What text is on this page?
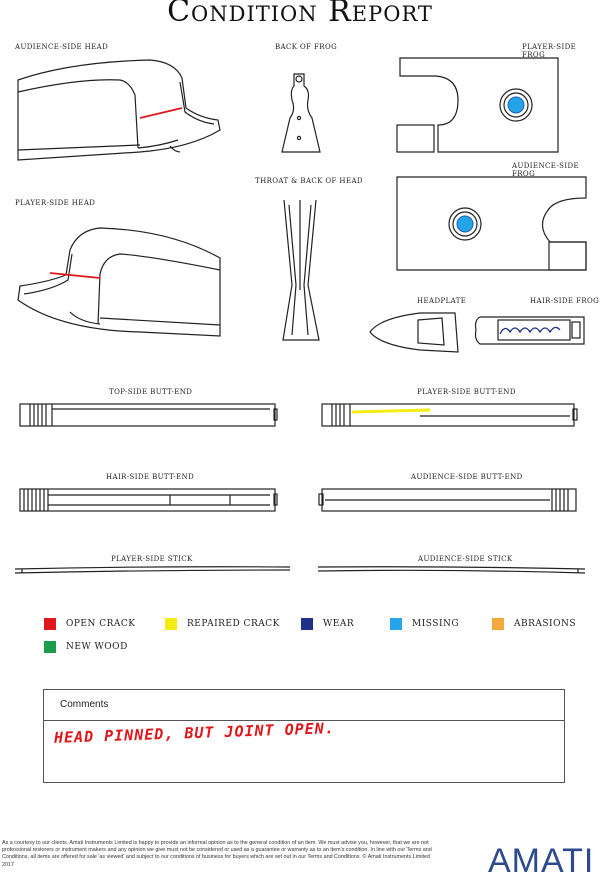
Condition Report
AUDIENCE-SIDE HEAD	BACK OF FROG	PLAYER-SIDE FROG
AUDIENCE-SIDE FROG
THROAT & BACK OF HEAD
PLAYER-SIDE HEAD
HEADPLATE	HAIR-SIDE FROG
TOP-SIDE BUTT-END	PLAYER-SIDE BUTT-END
HAIR-SIDE BUTT-END	AUDIENCE-SIDE BUTT-END
PLAYER-SIDE STICK	AUDIENCE-SIDE STICK
OPEN CRACK	REPAIRED CRACK	WEAR	MISSING	ABRASIONS
NEW WOOD
Comments
HEAD PINNED, BUT JOINT OPEN.
As a courtesy to our clients, Amati Instruments Limited is happy to provide an informal opinion as to the general condition of an item. We must advise you, however, that we are not professional restorers or instrument makers and any opinion we give must not be considered or used as a guarantee or warranty as to an item's condition. In line with our Terms and Conditions, all items are offered for sale 'as viewed' and subject to our conditions of business for buyers which are set out in our Terms and Conditions. © Amati Instruments Limited 2017	AMATI
